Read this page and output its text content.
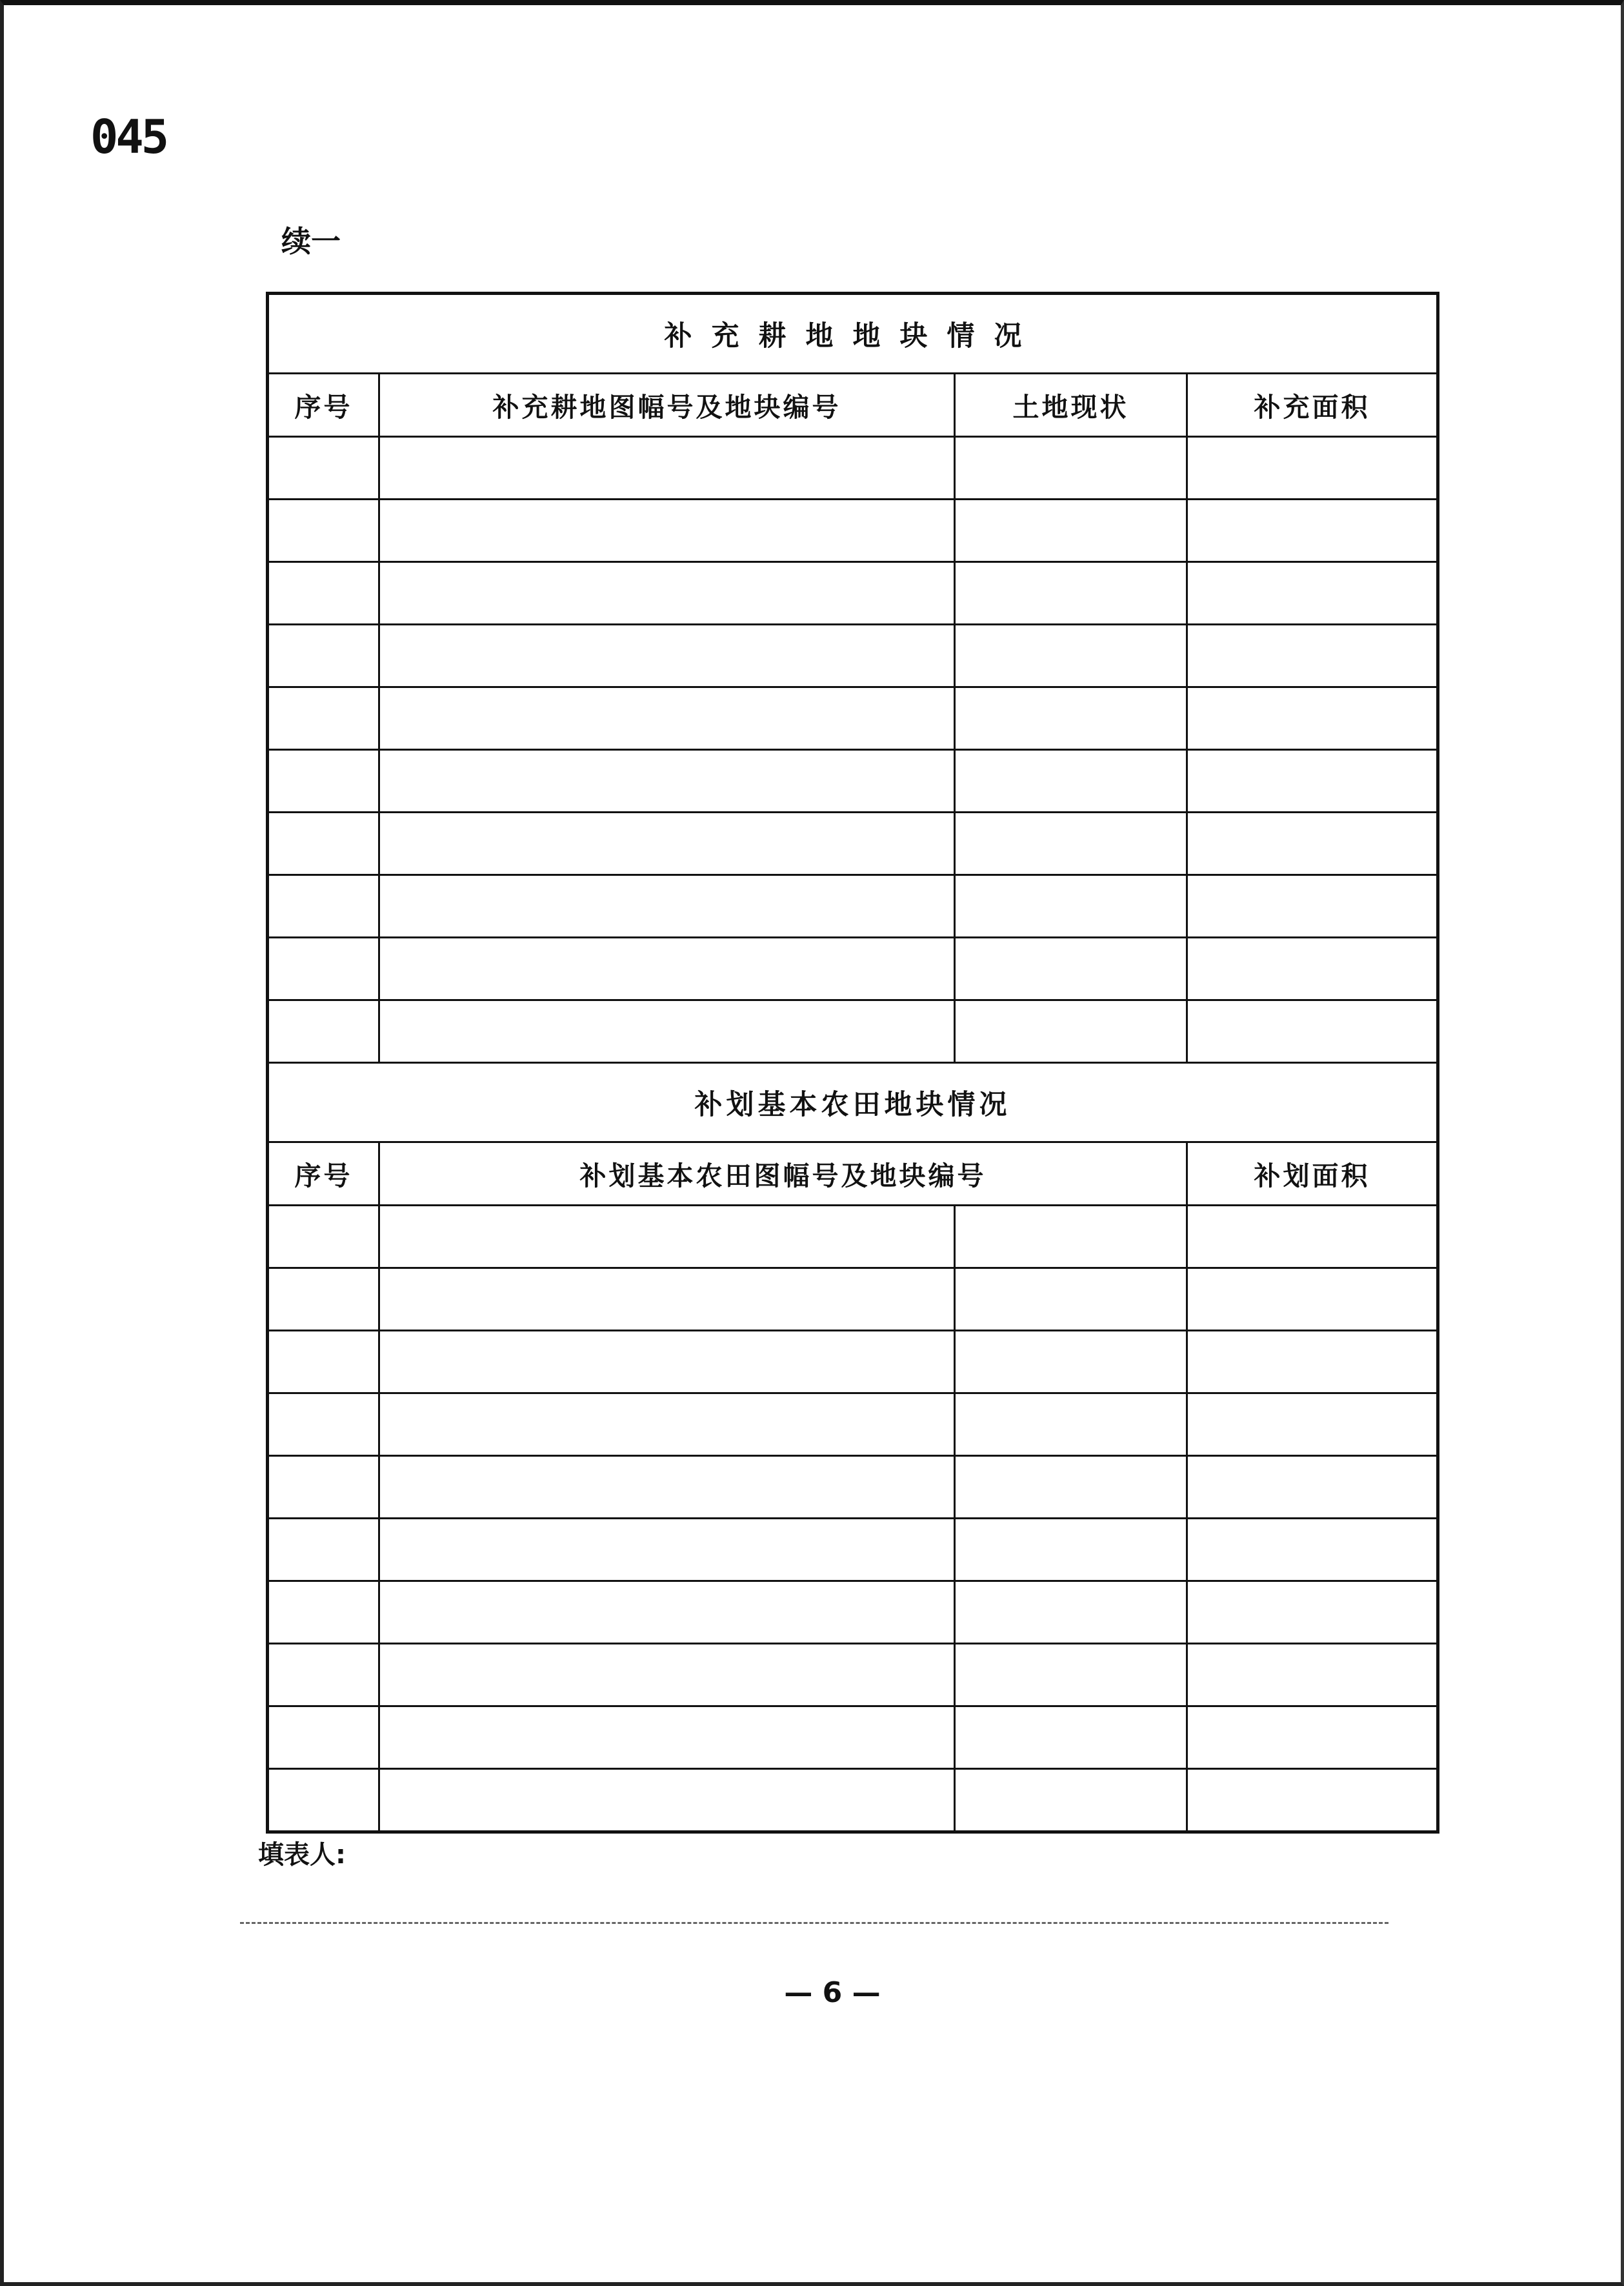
045
续一
补充耕地地块情况			
序号	补充耕地图幅号及地块编号	土地现状	补充面积

补划基本农田地块情况			
序号	补划基本农田图幅号及地块编号		补划面积

填表人:
— 6 —
